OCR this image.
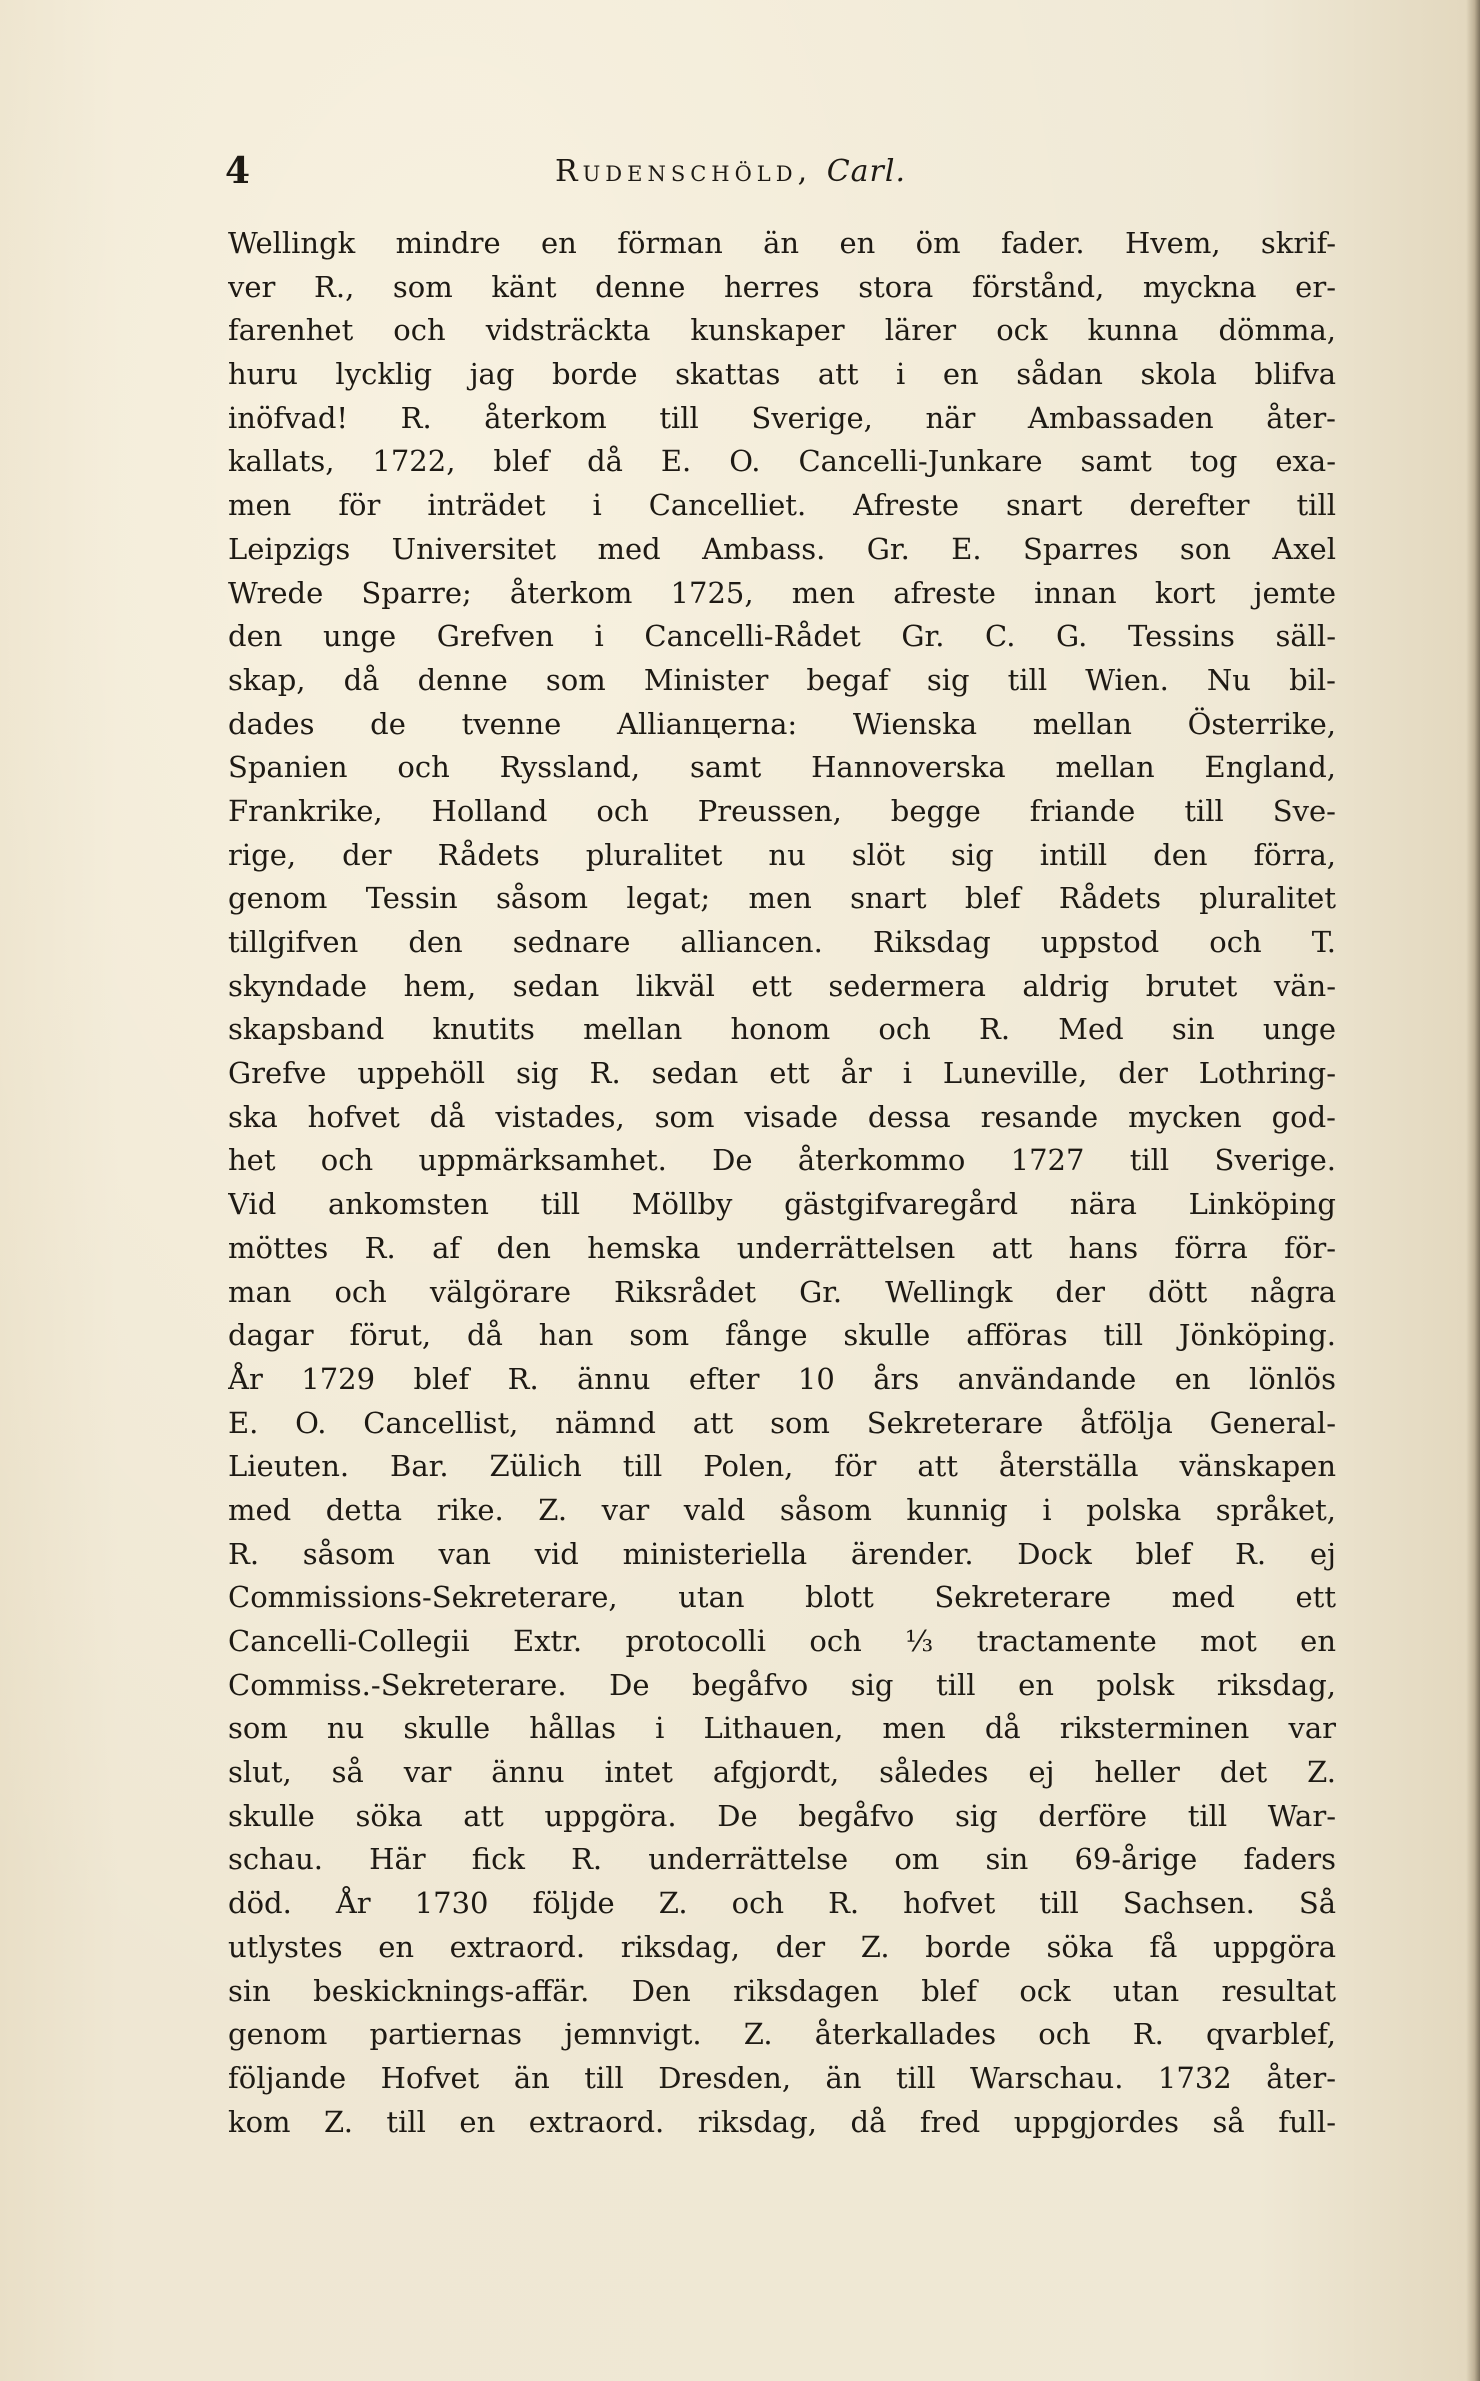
4	Rudenschöld, Carl.
Wellingk mindre en förman än en öm fader. Hvem, skrif-
ver R., som känt denne herres stora förstånd, myckna er-
farenhet och vidsträckta kunskaper lärer ock kunna dömma,
huru lycklig jag borde skattas att i en sådan skola blifva
inöfvad! R. återkom till Sverige, när Ambassaden åter-
kallats, 1722, blef då E. O. Cancelli-Junkare samt tog exa-
men för inträdet i Cancelliet. Afreste snart derefter till
Leipzigs Universitet med Ambass. Gr. E. Sparres son Axel
Wrede Sparre; återkom 1725, men afreste innan kort jemte
den unge Grefven i Cancelli-Rådet Gr. C. G. Tessins säll-
skap, då denne som Minister begaf sig till Wien. Nu bil-
dades de tvenne Allianцerna: Wienska mellan Österrike,
Spanien och Ryssland, samt Hannoverska mellan England,
Frankrike, Holland och Preussen, begge friande till Sve-
rige, der Rådets pluralitet nu slöt sig intill den förra,
genom Tessin såsom legat; men snart blef Rådets pluralitet
tillgifven den sednare alliancen. Riksdag uppstod och T.
skyndade hem, sedan likväl ett sedermera aldrig brutet vän-
skapsband knutits mellan honom och R. Med sin unge
Grefve uppehöll sig R. sedan ett år i Luneville, der Lothring-
ska hofvet då vistades, som visade dessa resande mycken god-
het och uppmärksamhet. De återkommo 1727 till Sverige.
Vid ankomsten till Möllby gästgifvaregård nära Linköping
möttes R. af den hemska underrättelsen att hans förra för-
man och välgörare Riksrådet Gr. Wellingk der dött några
dagar förut, då han som fånge skulle afföras till Jönköping.
År 1729 blef R. ännu efter 10 års användande en lönlös
E. O. Cancellist, nämnd att som Sekreterare åtfölja General-
Lieuten. Bar. Zülich till Polen, för att återställa vänskapen
med detta rike. Z. var vald såsom kunnig i polska språket,
R. såsom van vid ministeriella ärender. Dock blef R. ej
Commissions-Sekreterare, utan blott Sekreterare med ett
Cancelli-Collegii Extr. protocolli och ⅓ tractamente mot en
Commiss.-Sekreterare. De begåfvo sig till en polsk riksdag,
som nu skulle hållas i Lithauen, men då riksterminen var
slut, så var ännu intet afgjordt, således ej heller det Z.
skulle söka att uppgöra. De begåfvo sig derföre till War-
schau. Här fick R. underrättelse om sin 69-årige faders
död. År 1730 följde Z. och R. hofvet till Sachsen. Så
utlystes en extraord. riksdag, der Z. borde söka få uppgöra
sin beskicknings-affär. Den riksdagen blef ock utan resultat
genom partiernas jemnvigt. Z. återkallades och R. qvarblef,
följande Hofvet än till Dresden, än till Warschau. 1732 åter-
kom Z. till en extraord. riksdag, då fred uppgjordes så full-
